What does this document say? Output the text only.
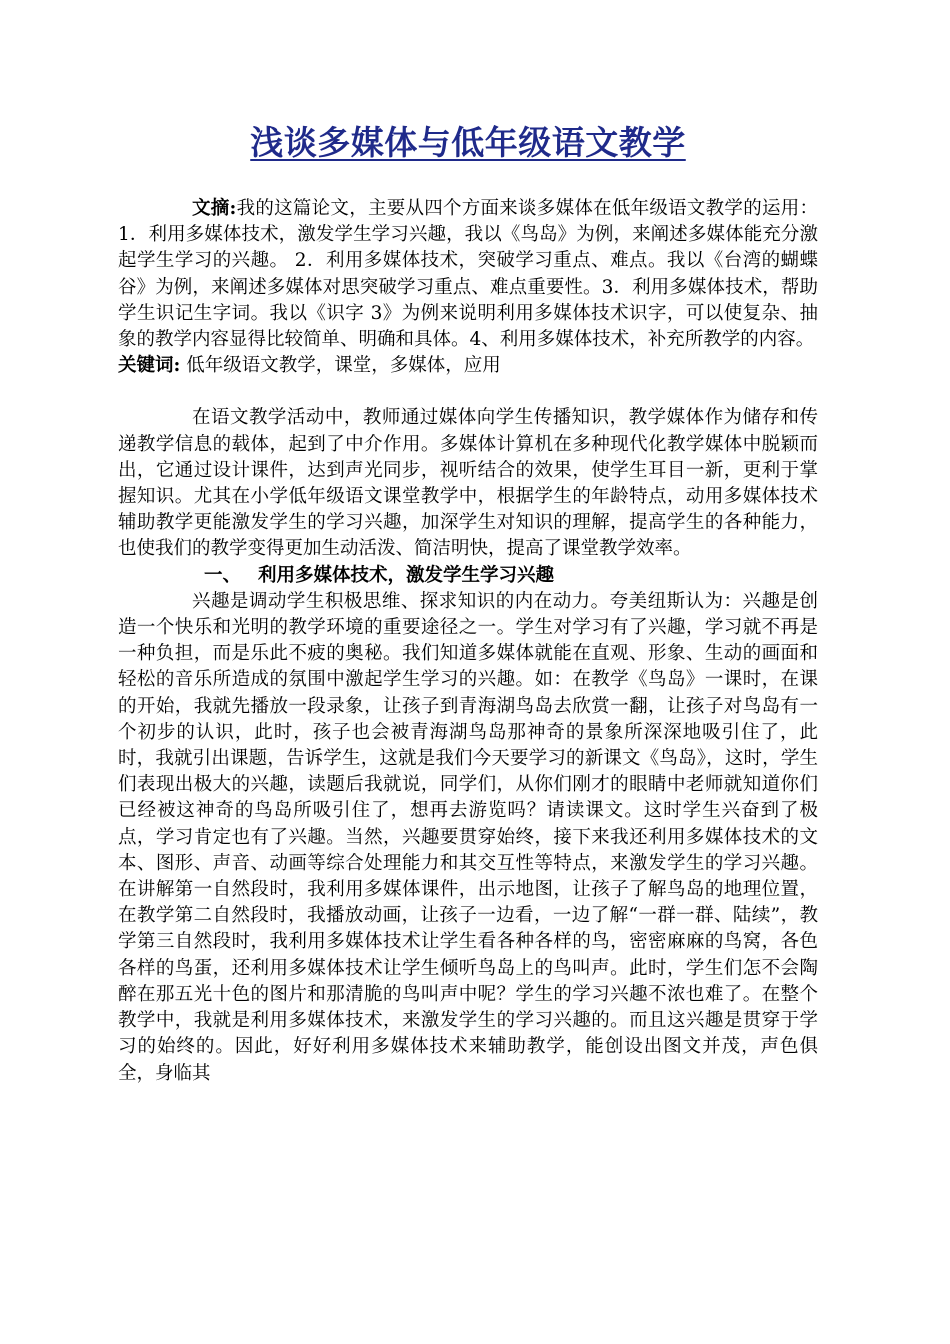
浅谈多媒体与低年级语文教学

文摘:我的这篇论文，主要从四个方面来谈多媒体在低年级语文教学的运用：1．利用多媒体技术，激发学生学习兴趣，我以《鸟岛》为例，来阐述多媒体能充分激起学生学习的兴趣。 2．利用多媒体技术，突破学习重点、难点。我以《台湾的蝴蝶谷》为例，来阐述多媒体对思突破学习重点、难点重要性。3．利用多媒体技术，帮助学生识记生字词。我以《识字 3》为例来说明利用多媒体技术识字，可以使复杂、抽象的教学内容显得比较简单、明确和具体。4、利用多媒体技术，补充所教学的内容。

关键词: 低年级语文教学，课堂，多媒体，应用

在语文教学活动中，教师通过媒体向学生传播知识，教学媒体作为储存和传递教学信息的载体，起到了中介作用。多媒体计算机在多种现代化教学媒体中脱颖而出，它通过设计课件，达到声光同步，视听结合的效果，使学生耳目一新，更利于掌握知识。尤其在小学低年级语文课堂教学中，根据学生的年龄特点，动用多媒体技术辅助教学更能激发学生的学习兴趣，加深学生对知识的理解，提高学生的各种能力，也使我们的教学变得更加生动活泼、简洁明快，提高了课堂教学效率。

一、 利用多媒体技术，激发学生学习兴趣

兴趣是调动学生积极思维、探求知识的内在动力。夸美纽斯认为：兴趣是创造一个快乐和光明的教学环境的重要途径之一。学生对学习有了兴趣，学习就不再是一种负担，而是乐此不疲的奥秘。我们知道多媒体就能在直观、形象、生动的画面和轻松的音乐所造成的氛围中激起学生学习的兴趣。如：在教学《鸟岛》一课时，在课的开始，我就先播放一段录象，让孩子到青海湖鸟岛去欣赏一翻，让孩子对鸟岛有一个初步的认识，此时，孩子也会被青海湖鸟岛那神奇的景象所深深地吸引住了，此时，我就引出课题，告诉学生，这就是我们今天要学习的新课文《鸟岛》，这时，学生们表现出极大的兴趣，读题后我就说，同学们，从你们刚才的眼睛中老师就知道你们已经被这神奇的鸟岛所吸引住了，想再去游览吗？请读课文。这时学生兴奋到了极点，学习肯定也有了兴趣。当然，兴趣要贯穿始终，接下来我还利用多媒体技术的文本、图形、声音、动画等综合处理能力和其交互性等特点，来激发学生的学习兴趣。在讲解第一自然段时，我利用多媒体课件，出示地图，让孩子了解鸟岛的地理位置，在教学第二自然段时，我播放动画，让孩子一边看，一边了解“一群一群、陆续”，教学第三自然段时，我利用多媒体技术让学生看各种各样的鸟，密密麻麻的鸟窝，各色各样的鸟蛋，还利用多媒体技术让学生倾听鸟岛上的鸟叫声。此时，学生们怎不会陶醉在那五光十色的图片和那清脆的鸟叫声中呢？学生的学习兴趣不浓也难了。在整个教学中，我就是利用多媒体技术，来激发学生的学习兴趣的。而且这兴趣是贯穿于学习的始终的。因此，好好利用多媒体技术来辅助教学，能创设出图文并茂，声色俱全，身临其
